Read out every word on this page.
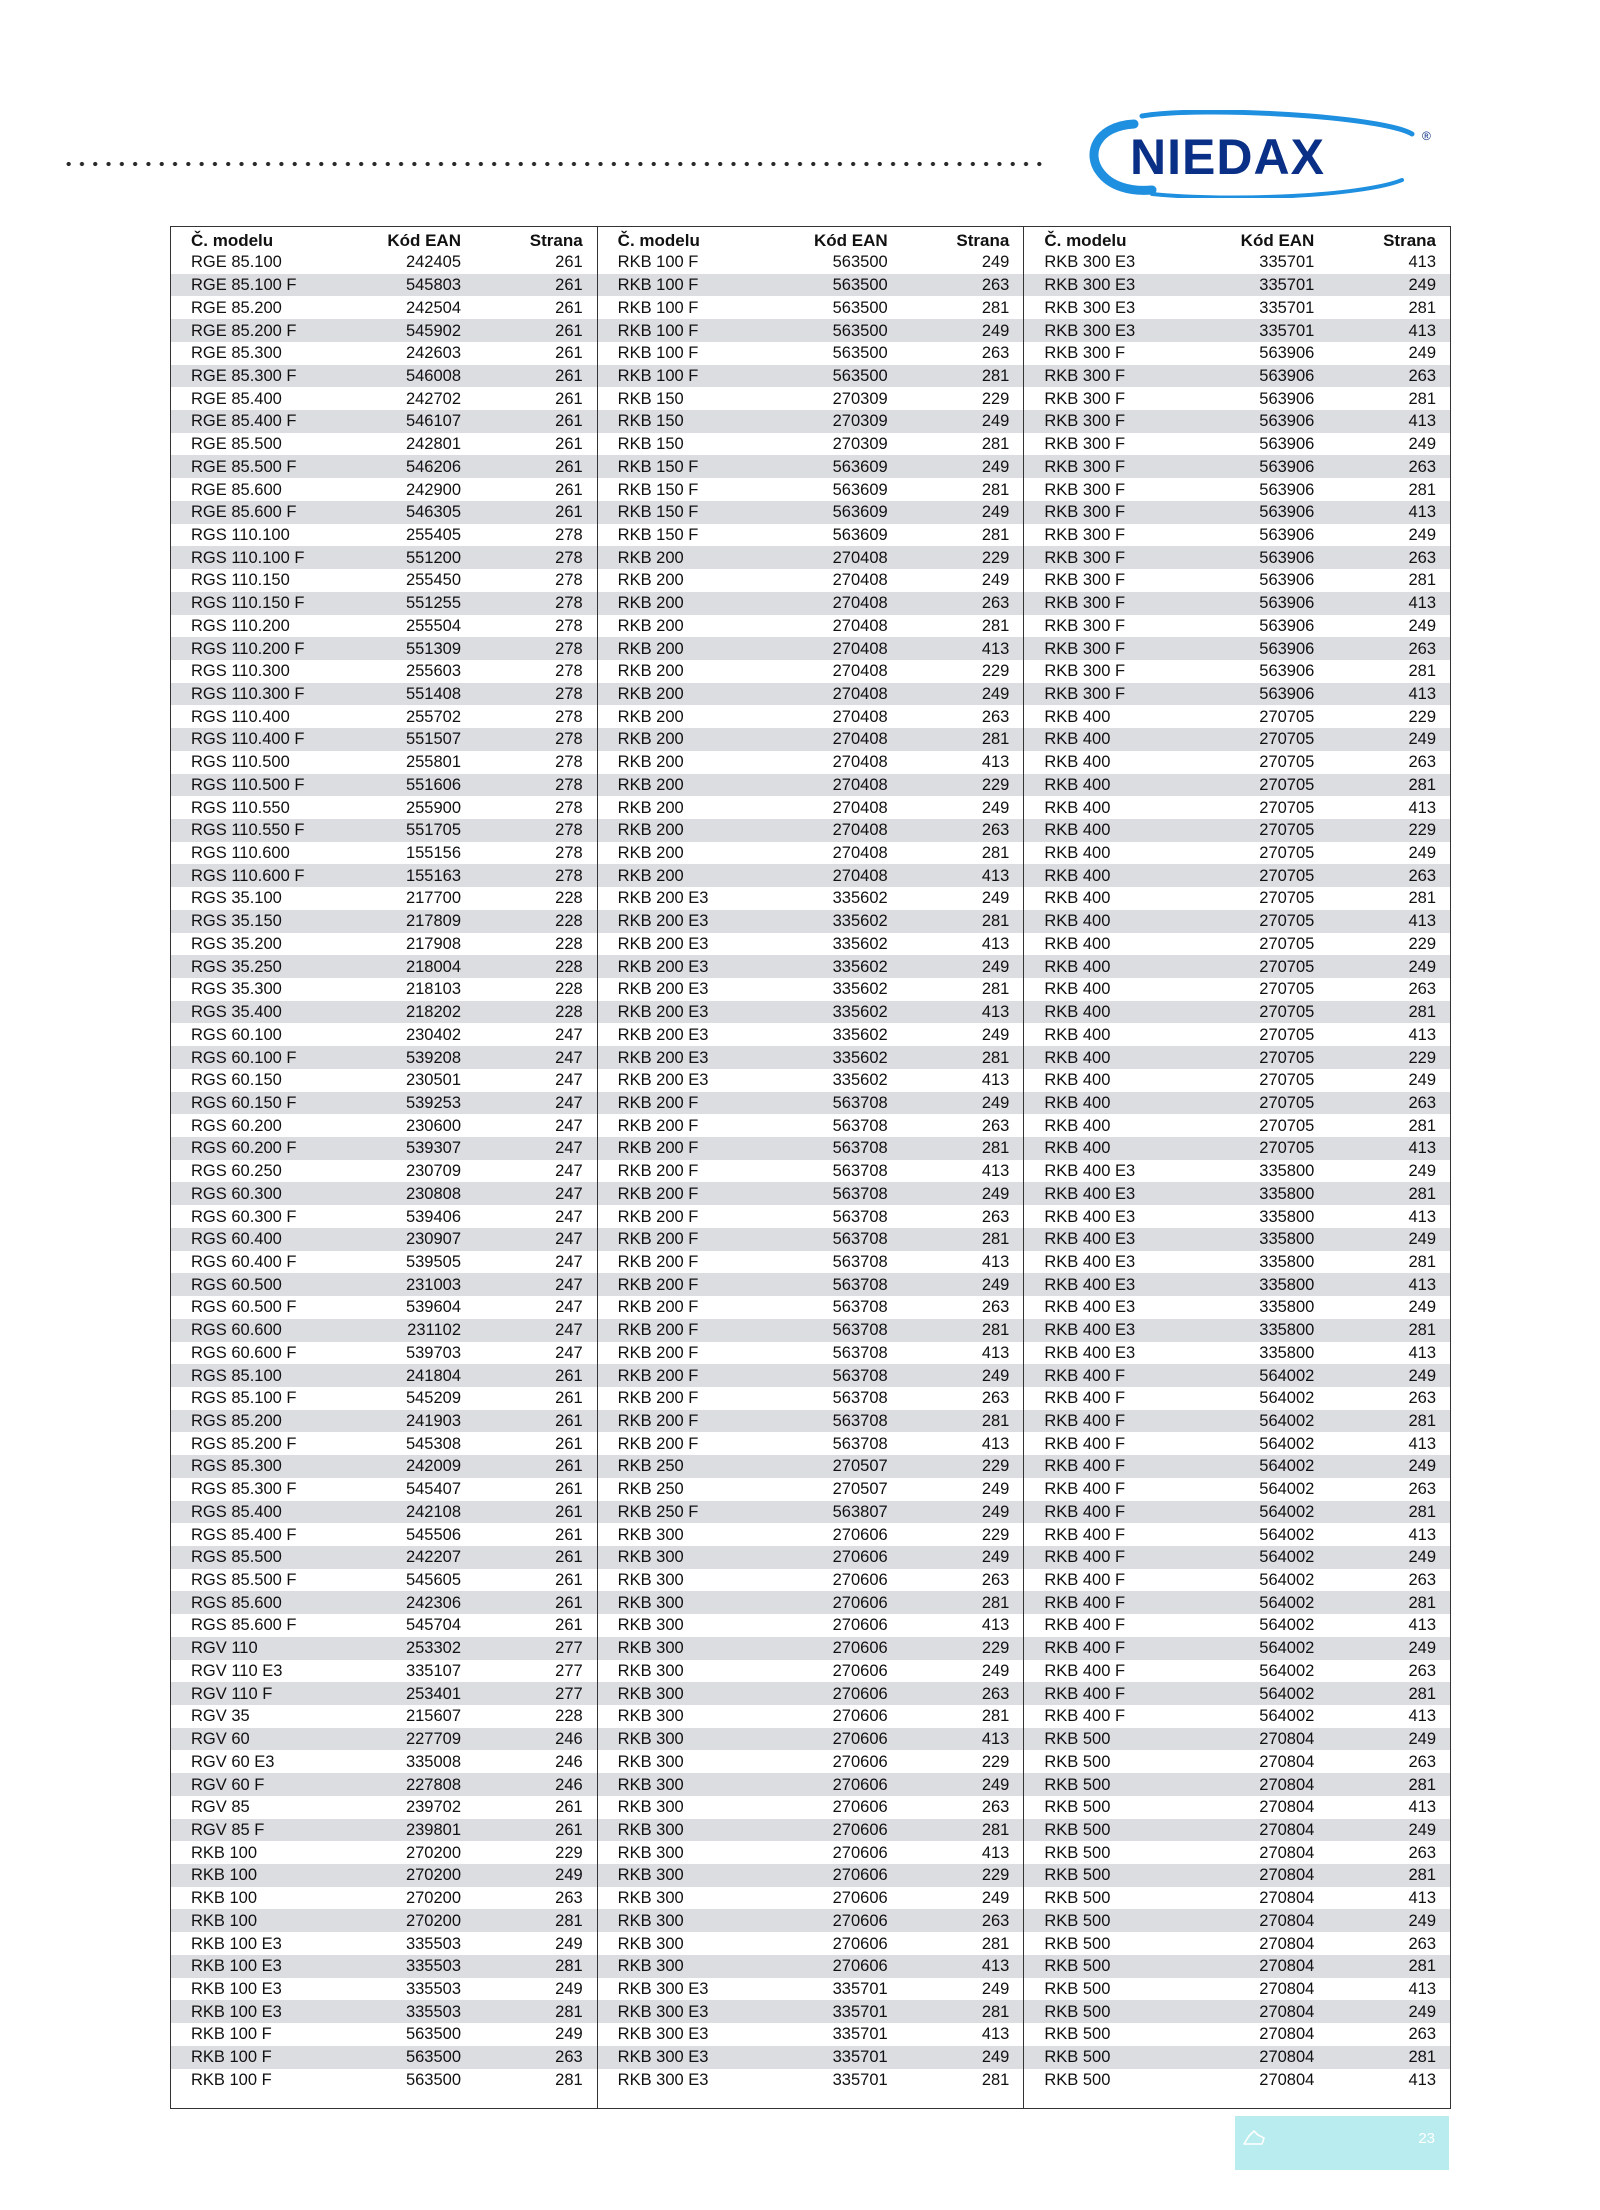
NIEDAX	®
Č. modelu	Kód EAN	Strana
RGE 85.100	242405	261
RGE 85.100 F	545803	261
RGE 85.200	242504	261
RGE 85.200 F	545902	261
RGE 85.300	242603	261
RGE 85.300 F	546008	261
RGE 85.400	242702	261
RGE 85.400 F	546107	261
RGE 85.500	242801	261
RGE 85.500 F	546206	261
RGE 85.600	242900	261
RGE 85.600 F	546305	261
RGS 110.100	255405	278
RGS 110.100 F	551200	278
RGS 110.150	255450	278
RGS 110.150 F	551255	278
RGS 110.200	255504	278
RGS 110.200 F	551309	278
RGS 110.300	255603	278
RGS 110.300 F	551408	278
RGS 110.400	255702	278
RGS 110.400 F	551507	278
RGS 110.500	255801	278
RGS 110.500 F	551606	278
RGS 110.550	255900	278
RGS 110.550 F	551705	278
RGS 110.600	155156	278
RGS 110.600 F	155163	278
RGS 35.100	217700	228
RGS 35.150	217809	228
RGS 35.200	217908	228
RGS 35.250	218004	228
RGS 35.300	218103	228
RGS 35.400	218202	228
RGS 60.100	230402	247
RGS 60.100 F	539208	247
RGS 60.150	230501	247
RGS 60.150 F	539253	247
RGS 60.200	230600	247
RGS 60.200 F	539307	247
RGS 60.250	230709	247
RGS 60.300	230808	247
RGS 60.300 F	539406	247
RGS 60.400	230907	247
RGS 60.400 F	539505	247
RGS 60.500	231003	247
RGS 60.500 F	539604	247
RGS 60.600	231102	247
RGS 60.600 F	539703	247
RGS 85.100	241804	261
RGS 85.100 F	545209	261
RGS 85.200	241903	261
RGS 85.200 F	545308	261
RGS 85.300	242009	261
RGS 85.300 F	545407	261
RGS 85.400	242108	261
RGS 85.400 F	545506	261
RGS 85.500	242207	261
RGS 85.500 F	545605	261
RGS 85.600	242306	261
RGS 85.600 F	545704	261
RGV 110	253302	277
RGV 110 E3	335107	277
RGV 110 F	253401	277
RGV 35	215607	228
RGV 60	227709	246
RGV 60 E3	335008	246
RGV 60 F	227808	246
RGV 85	239702	261
RGV 85 F	239801	261
RKB 100	270200	229
RKB 100	270200	249
RKB 100	270200	263
RKB 100	270200	281
RKB 100 E3	335503	249
RKB 100 E3	335503	281
RKB 100 E3	335503	249
RKB 100 E3	335503	281
RKB 100 F	563500	249
RKB 100 F	563500	263
RKB 100 F	563500	281
Č. modelu	Kód EAN	Strana
RKB 100 F	563500	249
RKB 100 F	563500	263
RKB 100 F	563500	281
RKB 100 F	563500	249
RKB 100 F	563500	263
RKB 100 F	563500	281
RKB 150	270309	229
RKB 150	270309	249
RKB 150	270309	281
RKB 150 F	563609	249
RKB 150 F	563609	281
RKB 150 F	563609	249
RKB 150 F	563609	281
RKB 200	270408	229
RKB 200	270408	249
RKB 200	270408	263
RKB 200	270408	281
RKB 200	270408	413
RKB 200	270408	229
RKB 200	270408	249
RKB 200	270408	263
RKB 200	270408	281
RKB 200	270408	413
RKB 200	270408	229
RKB 200	270408	249
RKB 200	270408	263
RKB 200	270408	281
RKB 200	270408	413
RKB 200 E3	335602	249
RKB 200 E3	335602	281
RKB 200 E3	335602	413
RKB 200 E3	335602	249
RKB 200 E3	335602	281
RKB 200 E3	335602	413
RKB 200 E3	335602	249
RKB 200 E3	335602	281
RKB 200 E3	335602	413
RKB 200 F	563708	249
RKB 200 F	563708	263
RKB 200 F	563708	281
RKB 200 F	563708	413
RKB 200 F	563708	249
RKB 200 F	563708	263
RKB 200 F	563708	281
RKB 200 F	563708	413
RKB 200 F	563708	249
RKB 200 F	563708	263
RKB 200 F	563708	281
RKB 200 F	563708	413
RKB 200 F	563708	249
RKB 200 F	563708	263
RKB 200 F	563708	281
RKB 200 F	563708	413
RKB 250	270507	229
RKB 250	270507	249
RKB 250 F	563807	249
RKB 300	270606	229
RKB 300	270606	249
RKB 300	270606	263
RKB 300	270606	281
RKB 300	270606	413
RKB 300	270606	229
RKB 300	270606	249
RKB 300	270606	263
RKB 300	270606	281
RKB 300	270606	413
RKB 300	270606	229
RKB 300	270606	249
RKB 300	270606	263
RKB 300	270606	281
RKB 300	270606	413
RKB 300	270606	229
RKB 300	270606	249
RKB 300	270606	263
RKB 300	270606	281
RKB 300	270606	413
RKB 300 E3	335701	249
RKB 300 E3	335701	281
RKB 300 E3	335701	413
RKB 300 E3	335701	249
RKB 300 E3	335701	281
Č. modelu	Kód EAN	Strana
RKB 300 E3	335701	413
RKB 300 E3	335701	249
RKB 300 E3	335701	281
RKB 300 E3	335701	413
RKB 300 F	563906	249
RKB 300 F	563906	263
RKB 300 F	563906	281
RKB 300 F	563906	413
RKB 300 F	563906	249
RKB 300 F	563906	263
RKB 300 F	563906	281
RKB 300 F	563906	413
RKB 300 F	563906	249
RKB 300 F	563906	263
RKB 300 F	563906	281
RKB 300 F	563906	413
RKB 300 F	563906	249
RKB 300 F	563906	263
RKB 300 F	563906	281
RKB 300 F	563906	413
RKB 400	270705	229
RKB 400	270705	249
RKB 400	270705	263
RKB 400	270705	281
RKB 400	270705	413
RKB 400	270705	229
RKB 400	270705	249
RKB 400	270705	263
RKB 400	270705	281
RKB 400	270705	413
RKB 400	270705	229
RKB 400	270705	249
RKB 400	270705	263
RKB 400	270705	281
RKB 400	270705	413
RKB 400	270705	229
RKB 400	270705	249
RKB 400	270705	263
RKB 400	270705	281
RKB 400	270705	413
RKB 400 E3	335800	249
RKB 400 E3	335800	281
RKB 400 E3	335800	413
RKB 400 E3	335800	249
RKB 400 E3	335800	281
RKB 400 E3	335800	413
RKB 400 E3	335800	249
RKB 400 E3	335800	281
RKB 400 E3	335800	413
RKB 400 F	564002	249
RKB 400 F	564002	263
RKB 400 F	564002	281
RKB 400 F	564002	413
RKB 400 F	564002	249
RKB 400 F	564002	263
RKB 400 F	564002	281
RKB 400 F	564002	413
RKB 400 F	564002	249
RKB 400 F	564002	263
RKB 400 F	564002	281
RKB 400 F	564002	413
RKB 400 F	564002	249
RKB 400 F	564002	263
RKB 400 F	564002	281
RKB 400 F	564002	413
RKB 500	270804	249
RKB 500	270804	263
RKB 500	270804	281
RKB 500	270804	413
RKB 500	270804	249
RKB 500	270804	263
RKB 500	270804	281
RKB 500	270804	413
RKB 500	270804	249
RKB 500	270804	263
RKB 500	270804	281
RKB 500	270804	413
RKB 500	270804	249
RKB 500	270804	263
RKB 500	270804	281
RKB 500	270804	413
23
